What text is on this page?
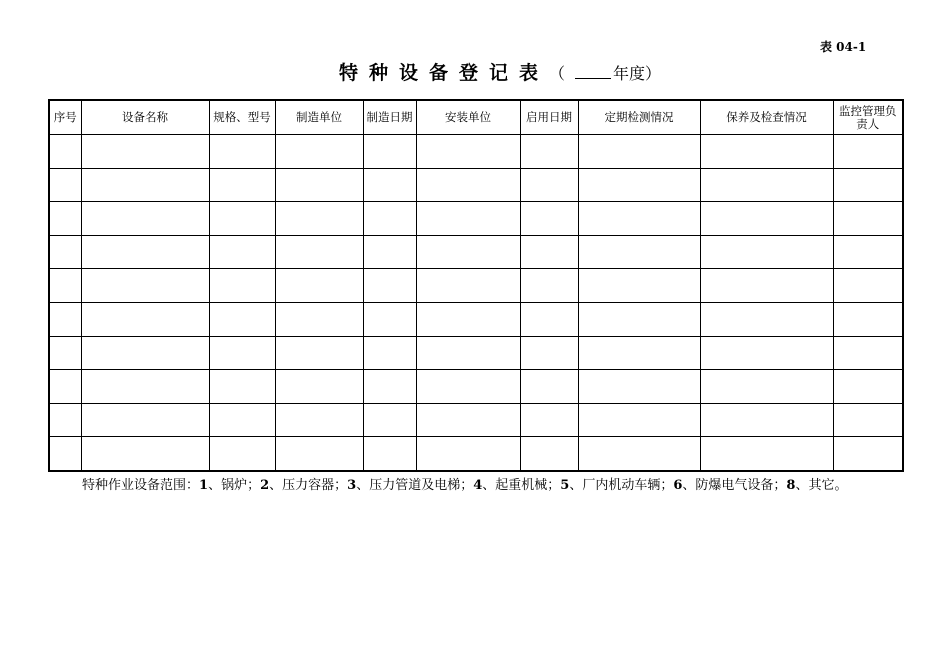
表 04-1
特种设备登记表（	年度）
序号	设备名称	规格、型号	制造单位	制造日期	安装单位	启用日期	定期检测情况	保养及检查情况	监控管理负责人

特种作业设备范围：1、锅炉；2、压力容器；3、压力管道及电梯；4、起重机械；5、厂内机动车辆；6、防爆电气设备；8、其它。
